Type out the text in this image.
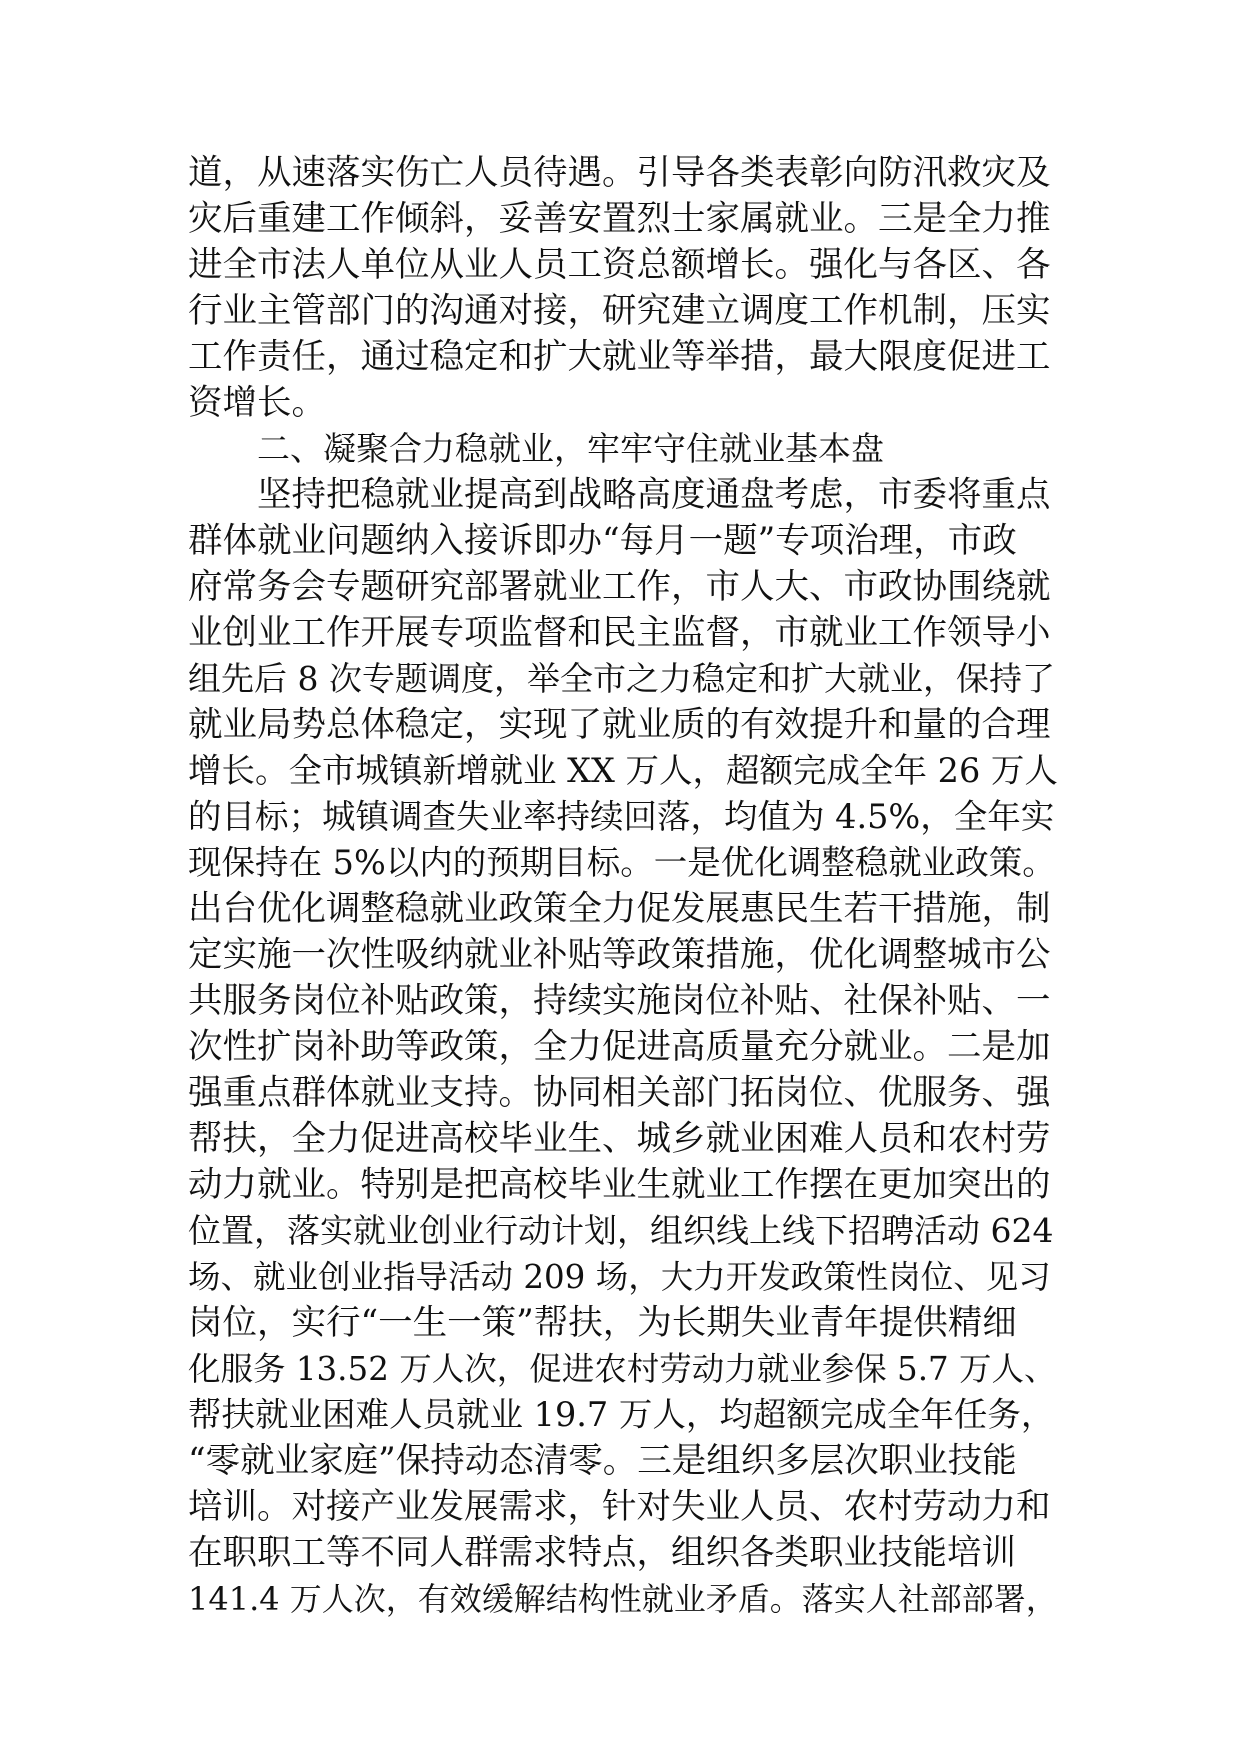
道，从速落实伤亡人员待遇。引导各类表彰向防汛救灾及
灾后重建工作倾斜，妥善安置烈士家属就业。三是全力推
进全市法人单位从业人员工资总额增长。强化与各区、各
行业主管部门的沟通对接，研究建立调度工作机制，压实
工作责任，通过稳定和扩大就业等举措，最大限度促进工
资增长。
二、凝聚合力稳就业，牢牢守住就业基本盘
坚持把稳就业提高到战略高度通盘考虑，市委将重点
群体就业问题纳入接诉即办“每月一题”专项治理，市政
府常务会专题研究部署就业工作，市人大、市政协围绕就
业创业工作开展专项监督和民主监督，市就业工作领导小
组先后 8 次专题调度，举全市之力稳定和扩大就业，保持了
就业局势总体稳定，实现了就业质的有效提升和量的合理
增长。全市城镇新增就业 XX 万人，超额完成全年 26 万人
的目标；城镇调查失业率持续回落，均值为 4.5%，全年实
现保持在 5%以内的预期目标。一是优化调整稳就业政策。
出台优化调整稳就业政策全力促发展惠民生若干措施，制
定实施一次性吸纳就业补贴等政策措施，优化调整城市公
共服务岗位补贴政策，持续实施岗位补贴、社保补贴、一
次性扩岗补助等政策，全力促进高质量充分就业。二是加
强重点群体就业支持。协同相关部门拓岗位、优服务、强
帮扶，全力促进高校毕业生、城乡就业困难人员和农村劳
动力就业。特别是把高校毕业生就业工作摆在更加突出的
位置，落实就业创业行动计划，组织线上线下招聘活动 624
场、就业创业指导活动 209 场，大力开发政策性岗位、见习
岗位，实行“一生一策”帮扶，为长期失业青年提供精细
化服务 13.52 万人次，促进农村劳动力就业参保 5.7 万人、
帮扶就业困难人员就业 19.7 万人，均超额完成全年任务，
“零就业家庭”保持动态清零。三是组织多层次职业技能
培训。对接产业发展需求，针对失业人员、农村劳动力和
在职职工等不同人群需求特点，组织各类职业技能培训
141.4 万人次，有效缓解结构性就业矛盾。落实人社部部署，
